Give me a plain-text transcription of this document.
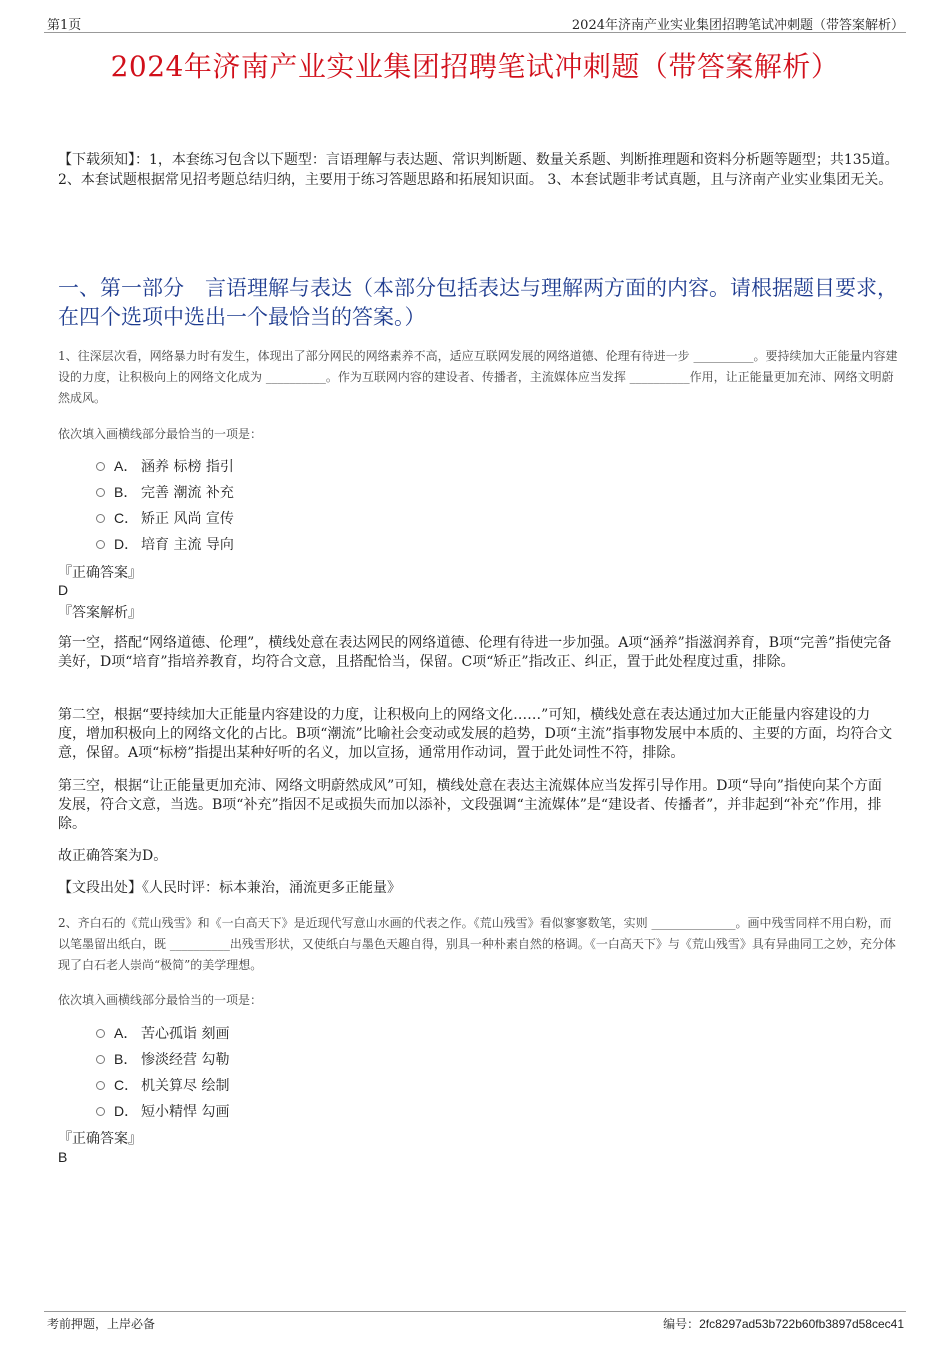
第1页	2024年济南产业实业集团招聘笔试冲刺题（带答案解析）
2024年济南产业实业集团招聘笔试冲刺题（带答案解析）
【下载须知】：1，本套练习包含以下题型：言语理解与表达题、常识判断题、数量关系题、判断推理题和资料分析题等题型；共135道。 2、本套试题根据常见招考题总结归纳，主要用于练习答题思路和拓展知识面。 3、本套试题非考试真题，且与济南产业实业集团无关。
一、第一部分　言语理解与表达（本部分包括表达与理解两方面的内容。请根据题目要求，在四个选项中选出一个最恰当的答案。）
1、往深层次看，网络暴力时有发生，体现出了部分网民的网络素养不高，适应互联网发展的网络道德、伦理有待进一步 __________。要持续加大正能量内容建设的力度，让积极向上的网络文化成为 __________。作为互联网内容的建设者、传播者，主流媒体应当发挥 __________作用，让正能量更加充沛、网络文明蔚然成风。
依次填入画横线部分最恰当的一项是：
A． 涵养 标榜 指引
B． 完善 潮流 补充
C． 矫正 风尚 宣传
D． 培育 主流 导向
『正确答案』
D
『答案解析』
第一空，搭配“网络道德、伦理”，横线处意在表达网民的网络道德、伦理有待进一步加强。A项“涵养”指滋润养育，B项“完善”指使完备美好，D项“培育”指培养教育，均符合文意，且搭配恰当，保留。C项“矫正”指改正、纠正，置于此处程度过重，排除。
第二空，根据“要持续加大正能量内容建设的力度，让积极向上的网络文化……”可知，横线处意在表达通过加大正能量内容建设的力度，增加积极向上的网络文化的占比。B项“潮流”比喻社会变动或发展的趋势，D项“主流”指事物发展中本质的、主要的方面，均符合文意，保留。A项“标榜”指提出某种好听的名义，加以宣扬，通常用作动词，置于此处词性不符，排除。
第三空，根据“让正能量更加充沛、网络文明蔚然成风”可知，横线处意在表达主流媒体应当发挥引导作用。D项“导向”指使向某个方面发展，符合文意，当选。B项“补充”指因不足或损失而加以添补，文段强调“主流媒体”是“建设者、传播者”，并非起到“补充”作用，排除。
故正确答案为D。
【文段出处】《人民时评：标本兼治，涌流更多正能量》
2、齐白石的《荒山残雪》和《一白高天下》是近现代写意山水画的代表之作。《荒山残雪》看似寥寥数笔，实则 ______________。画中残雪同样不用白粉，而以笔墨留出纸白，既 __________出残雪形状，又使纸白与墨色天趣自得，别具一种朴素自然的格调。《一白高天下》与《荒山残雪》具有异曲同工之妙，充分体现了白石老人崇尚“极简”的美学理想。
依次填入画横线部分最恰当的一项是：
A． 苦心孤诣 刻画
B． 惨淡经营 勾勒
C． 机关算尽 绘制
D． 短小精悍 勾画
『正确答案』
B
考前押题，上岸必备	编号：2fc8297ad53b722b60fb3897d58cec41
